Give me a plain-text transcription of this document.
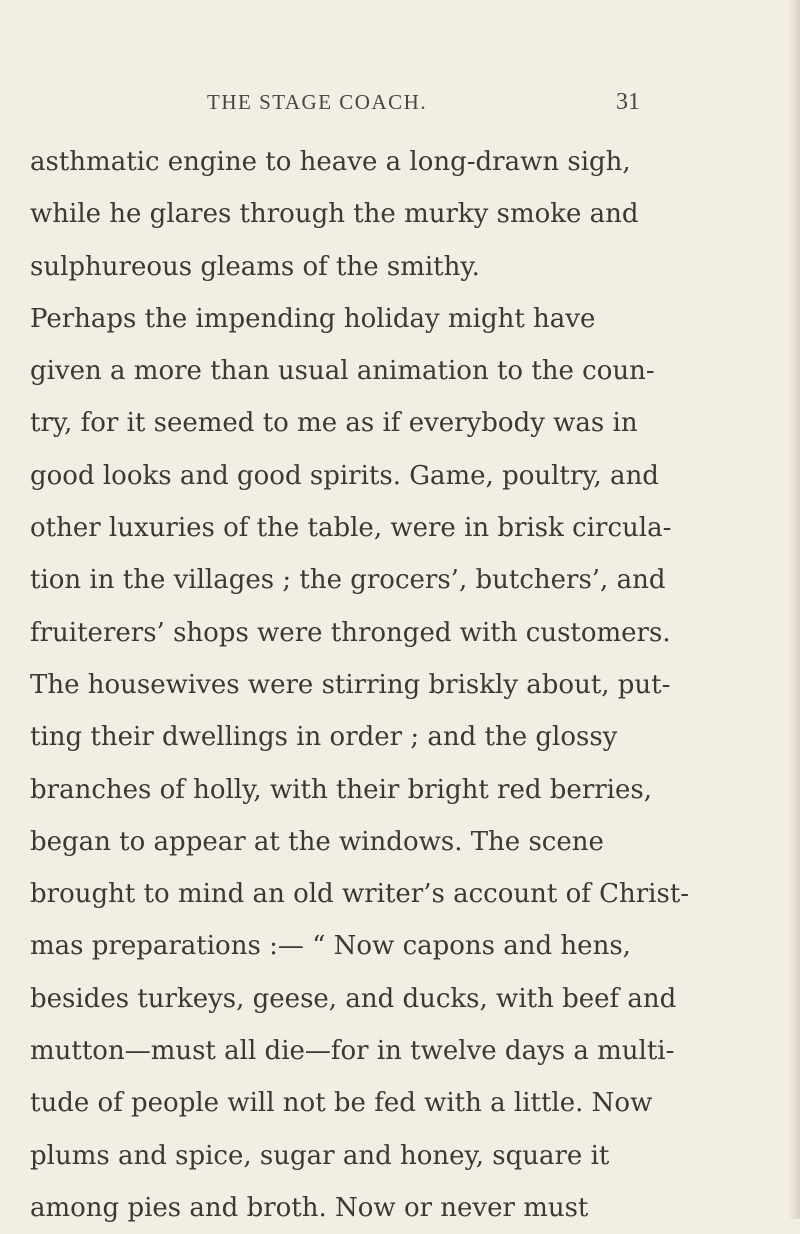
THE STAGE COACH.	31
asthmatic engine to heave a long-drawn sigh,
while he glares through the murky smoke and
sulphureous gleams of the smithy.
Perhaps the impending holiday might have
given a more than usual animation to the coun-
try, for it seemed to me as if everybody was in
good looks and good spirits. Game, poultry, and
other luxuries of the table, were in brisk circula-
tion in the villages ; the grocers’, butchers’, and
fruiterers’ shops were thronged with customers.
The housewives were stirring briskly about, put-
ting their dwellings in order ; and the glossy
branches of holly, with their bright red berries,
began to appear at the windows. The scene
brought to mind an old writer’s account of Christ-
mas preparations :— “ Now capons and hens,
besides turkeys, geese, and ducks, with beef and
mutton—must all die—for in twelve days a multi-
tude of people will not be fed with a little. Now
plums and spice, sugar and honey, square it
among pies and broth. Now or never must
